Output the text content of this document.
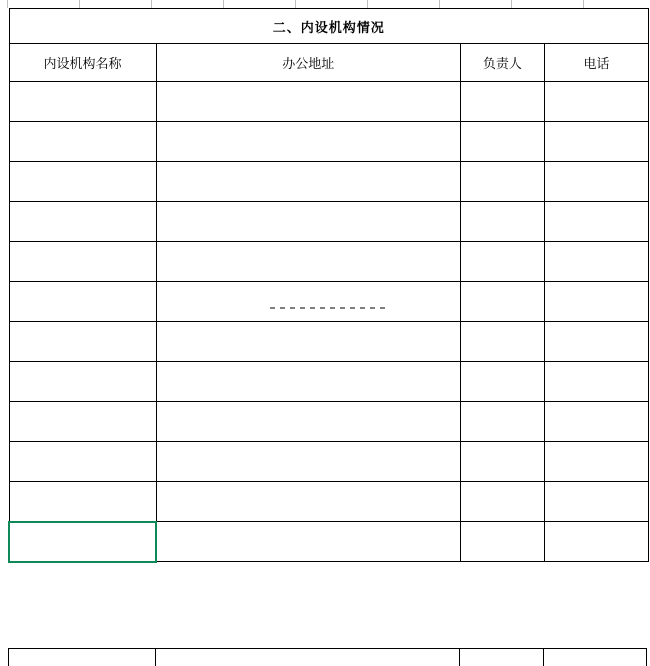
二、内设机构情况			
内设机构名称	办公地址	负责人	电话
